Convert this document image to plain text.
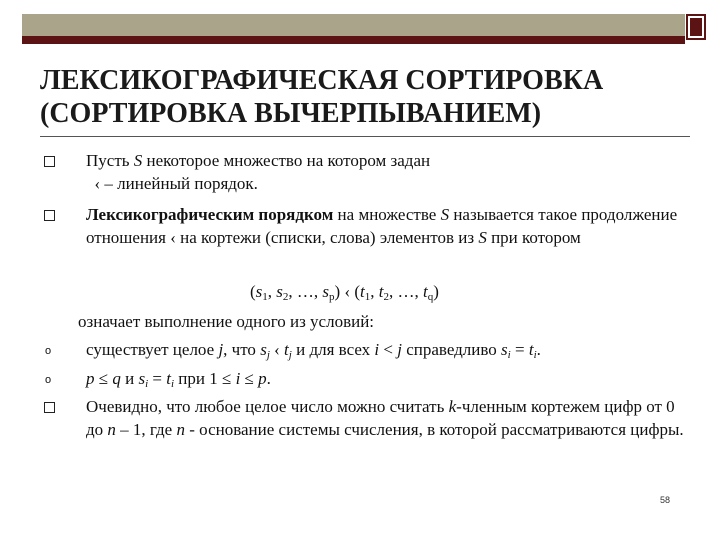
ЛЕКСИКОГРАФИЧЕСКАЯ СОРТИРОВКА
(СОРТИРОВКА ВЫЧЕРПЫВАНИЕМ)
Пусть S некоторое множество на котором задан
‹ – линейный порядок.
Лексикографическим порядком на множестве S называется такое продолжение отношения ‹ на кортежи (списки, слова) элементов из S при котором
($s_1$, $s_2$, …, $s_p$) ‹ ($t_1$, $t_2$, …, $t_q$)
означает выполнение одного из условий:
o существует целое j, что $s_j$ ‹ $t_j$ и для всех i < j справедливо $s_i = t_i$.
o p ≤ q и $s_i = t_i$ при 1 ≤ i ≤ p.
Очевидно, что любое целое число можно считать k-членным кортежем цифр от 0 до n – 1, где n - основание системы счисления, в которой рассматриваются цифры.
58
